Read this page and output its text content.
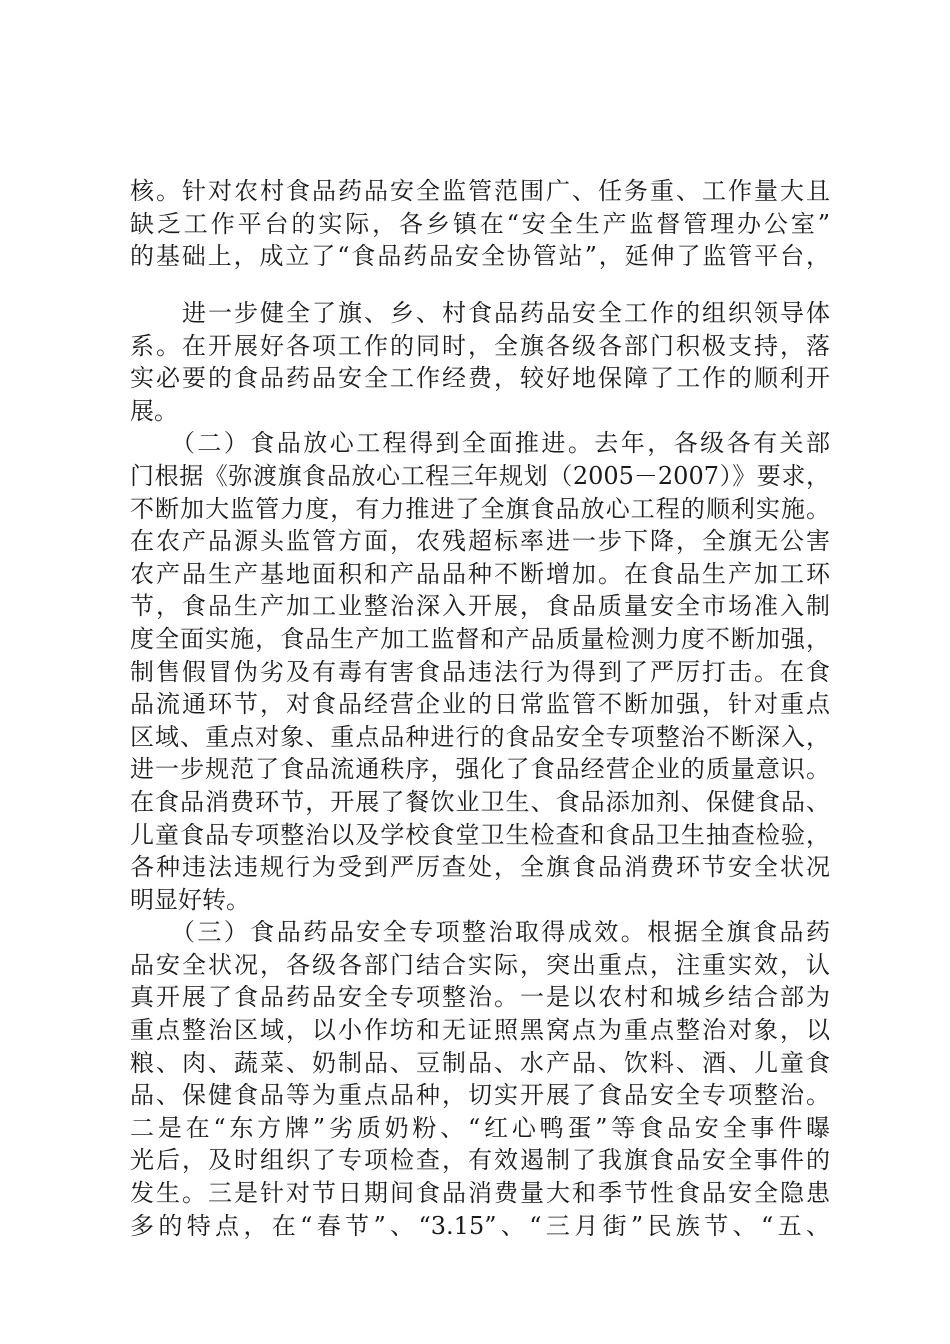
核。针对农村食品药品安全监管范围广、任务重、工作量大且
缺乏工作平台的实际，各乡镇在“安全生产监督管理办公室”
的基础上，成立了“食品药品安全协管站”，延伸了监管平台，
　　进一步健全了旗、乡、村食品药品安全工作的组织领导体
系。在开展好各项工作的同时，全旗各级各部门积极支持，落
实必要的食品药品安全工作经费，较好地保障了工作的顺利开
展。
　　（二）食品放心工程得到全面推进。去年，各级各有关部
门根据《弥渡旗食品放心工程三年规划（2005－2007）》要求，
不断加大监管力度，有力推进了全旗食品放心工程的顺利实施。
在农产品源头监管方面，农残超标率进一步下降，全旗无公害
农产品生产基地面积和产品品种不断增加。在食品生产加工环
节，食品生产加工业整治深入开展，食品质量安全市场准入制
度全面实施，食品生产加工监督和产品质量检测力度不断加强，
制售假冒伪劣及有毒有害食品违法行为得到了严厉打击。在食
品流通环节，对食品经营企业的日常监管不断加强，针对重点
区域、重点对象、重点品种进行的食品安全专项整治不断深入，
进一步规范了食品流通秩序，强化了食品经营企业的质量意识。
在食品消费环节，开展了餐饮业卫生、食品添加剂、保健食品、
儿童食品专项整治以及学校食堂卫生检查和食品卫生抽查检验，
各种违法违规行为受到严厉查处，全旗食品消费环节安全状况
明显好转。
　　（三）食品药品安全专项整治取得成效。根据全旗食品药
品安全状况，各级各部门结合实际，突出重点，注重实效，认
真开展了食品药品安全专项整治。一是以农村和城乡结合部为
重点整治区域，以小作坊和无证照黑窝点为重点整治对象，以
粮、肉、蔬菜、奶制品、豆制品、水产品、饮料、酒、儿童食
品、保健食品等为重点品种，切实开展了食品安全专项整治。
二是在“东方牌”劣质奶粉、“红心鸭蛋”等食品安全事件曝
光后，及时组织了专项检查，有效遏制了我旗食品安全事件的
发生。三是针对节日期间食品消费量大和季节性食品安全隐患
多的特点，在“春节”、“3.15”、“三月街”民族节、“五、
